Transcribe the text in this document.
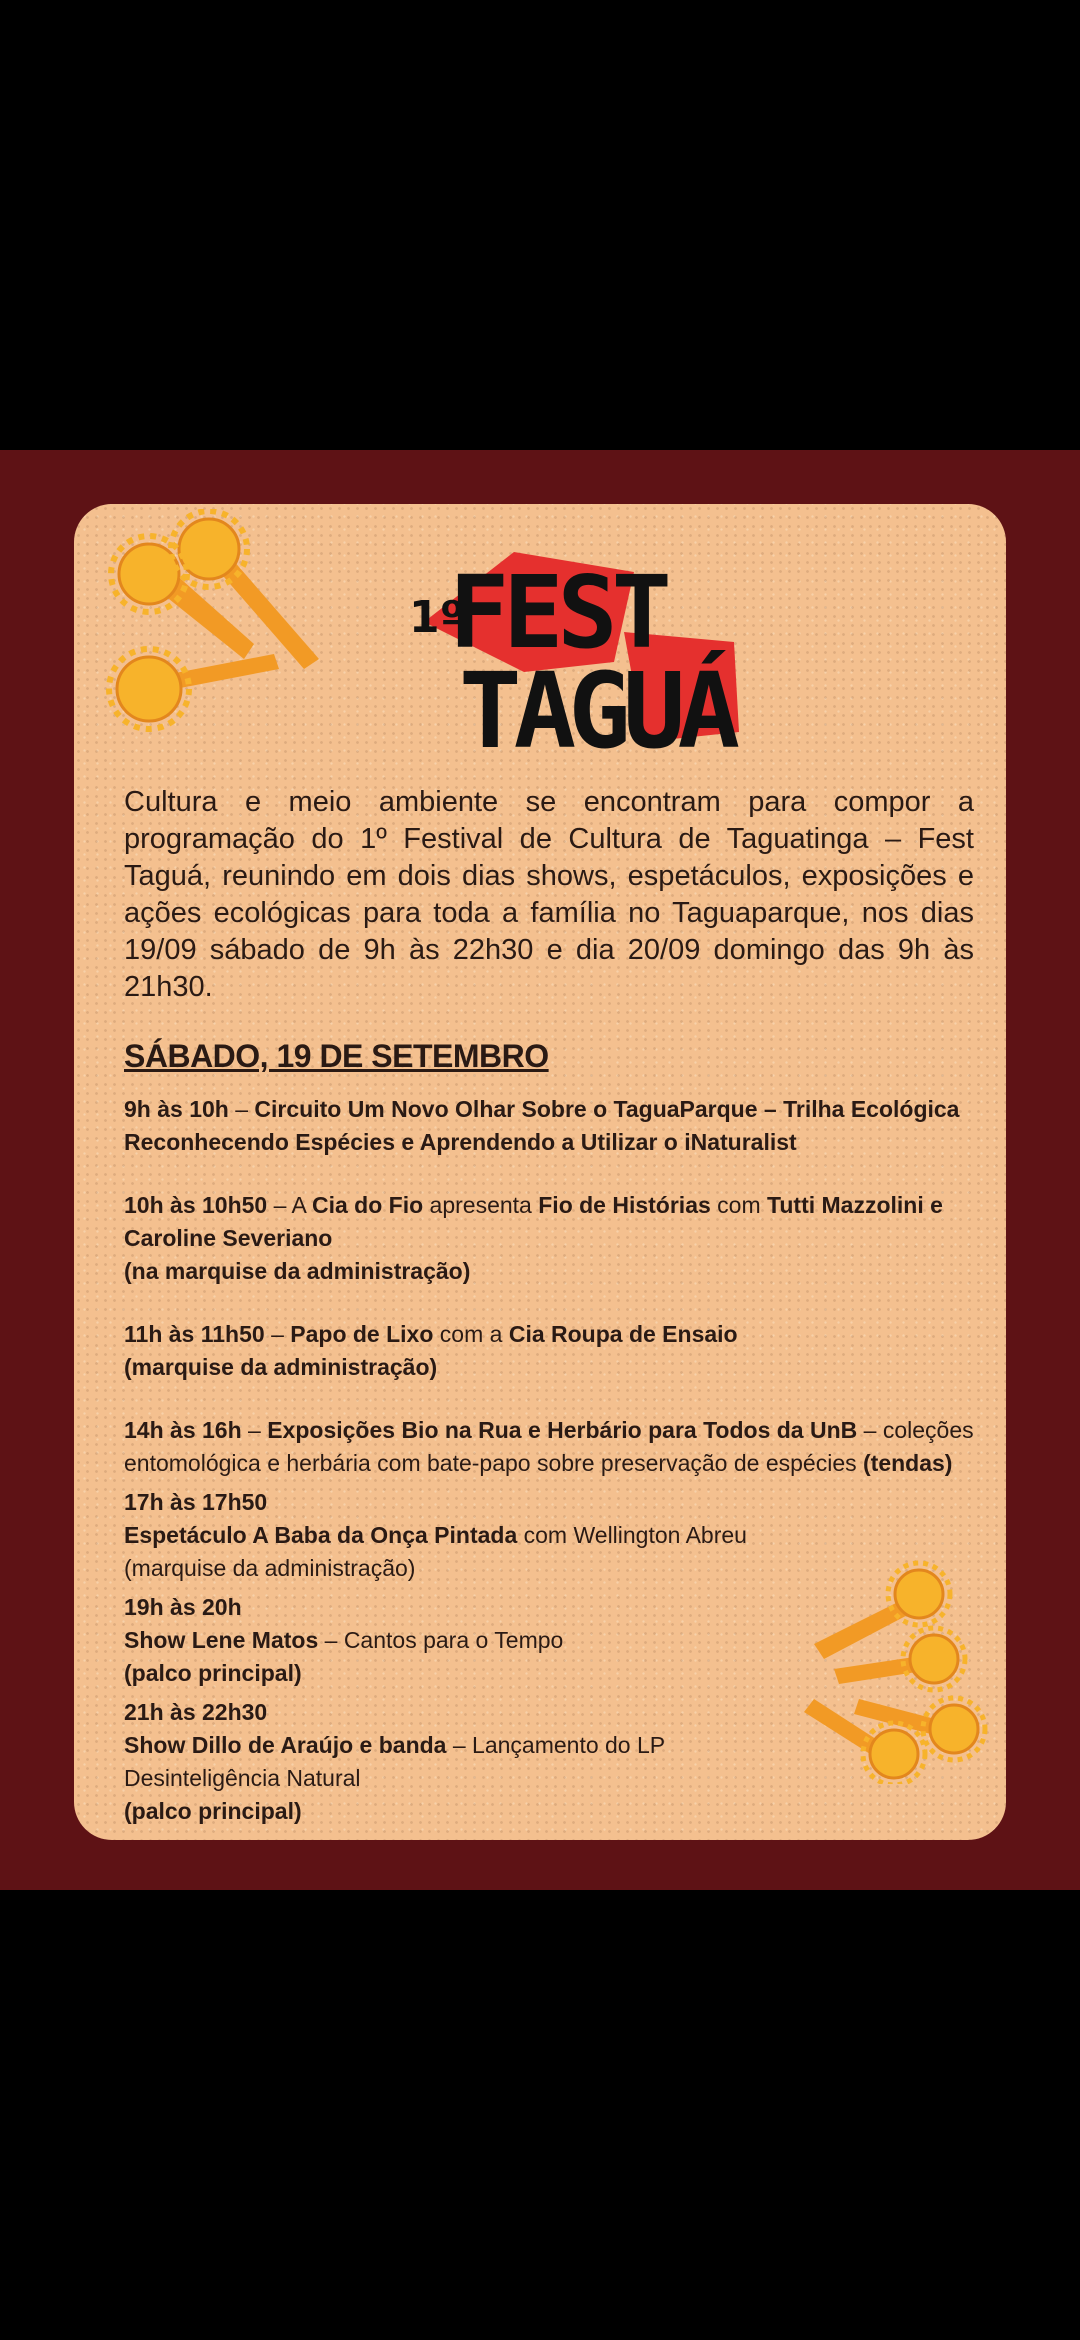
1º
FEST
TAGUÁ

Cultura e meio ambiente se encontram para compor a programação do 1º Festival de Cultura de Taguatinga – Fest Taguá, reunindo em dois dias shows, espetáculos, exposições e ações ecológicas para toda a família no Taguaparque, nos dias 19/09 sábado de 9h às 22h30 e dia 20/09 domingo das 9h às 21h30.

SÁBADO, 19 DE SETEMBRO

9h às 10h – Circuito Um Novo Olhar Sobre o TaguaParque – Trilha Ecológica Reconhecendo Espécies e Aprendendo a Utilizar o iNaturalist

10h às 10h50 – A Cia do Fio apresenta Fio de Histórias com Tutti Mazzolini e Caroline Severiano
(na marquise da administração)

11h às 11h50 – Papo de Lixo com a Cia Roupa de Ensaio
(marquise da administração)

14h às 16h – Exposições Bio na Rua e Herbário para Todos da UnB – coleções entomológica e herbária com bate-papo sobre preservação de espécies (tendas)

17h às 17h50
Espetáculo A Baba da Onça Pintada com Wellington Abreu
(marquise da administração)

19h às 20h
Show Lene Matos – Cantos para o Tempo
(palco principal)

21h às 22h30
Show Dillo de Araújo e banda – Lançamento do LP
Desinteligência Natural
(palco principal)
